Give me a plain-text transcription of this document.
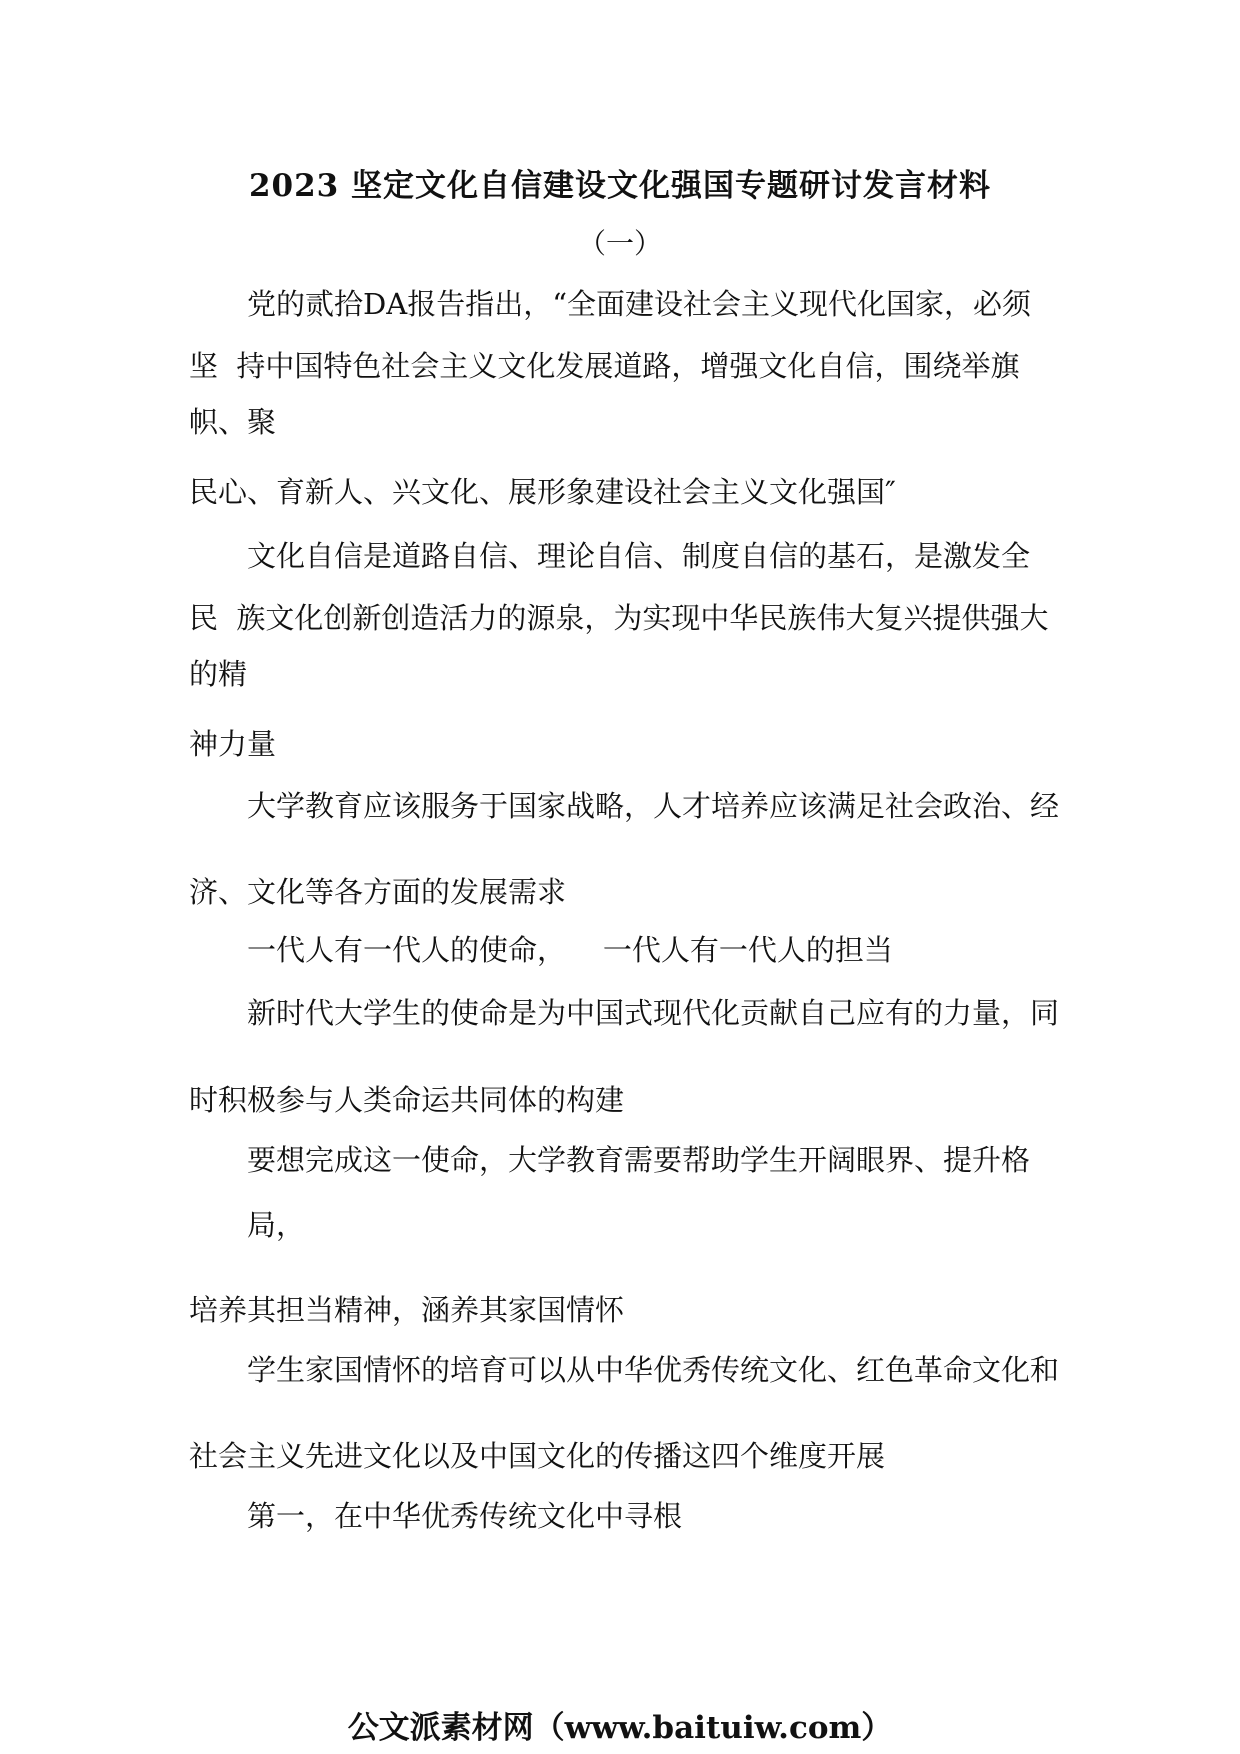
2023 坚定文化自信建设文化强国专题研讨发言材料
（一）
党的贰拾DA报告指出，“全面建设社会主义现代化国家，必须
坚  持中国特色社会主义文化发展道路，增强文化自信，围绕举旗
帜、聚
民心、育新人、兴文化、展形象建设社会主义文化强国″
文化自信是道路自信、理论自信、制度自信的基石，是激发全
民  族文化创新创造活力的源泉，为实现中华民族伟大复兴提供强大
的精
神力量
大学教育应该服务于国家战略，人才培养应该满足社会政治、经
济、文化等各方面的发展需求
一代人有一代人的使命，    一代人有一代人的担当
新时代大学生的使命是为中国式现代化贡献自己应有的力量，同
时积极参与人类命运共同体的构建
要想完成这一使命，大学教育需要帮助学生开阔眼界、提升格
局，
培养其担当精神，涵养其家国情怀
学生家国情怀的培育可以从中华优秀传统文化、红色革命文化和
社会主义先进文化以及中国文化的传播这四个维度开展
第一，在中华优秀传统文化中寻根
公文派素材网（www.baituiw.com）
